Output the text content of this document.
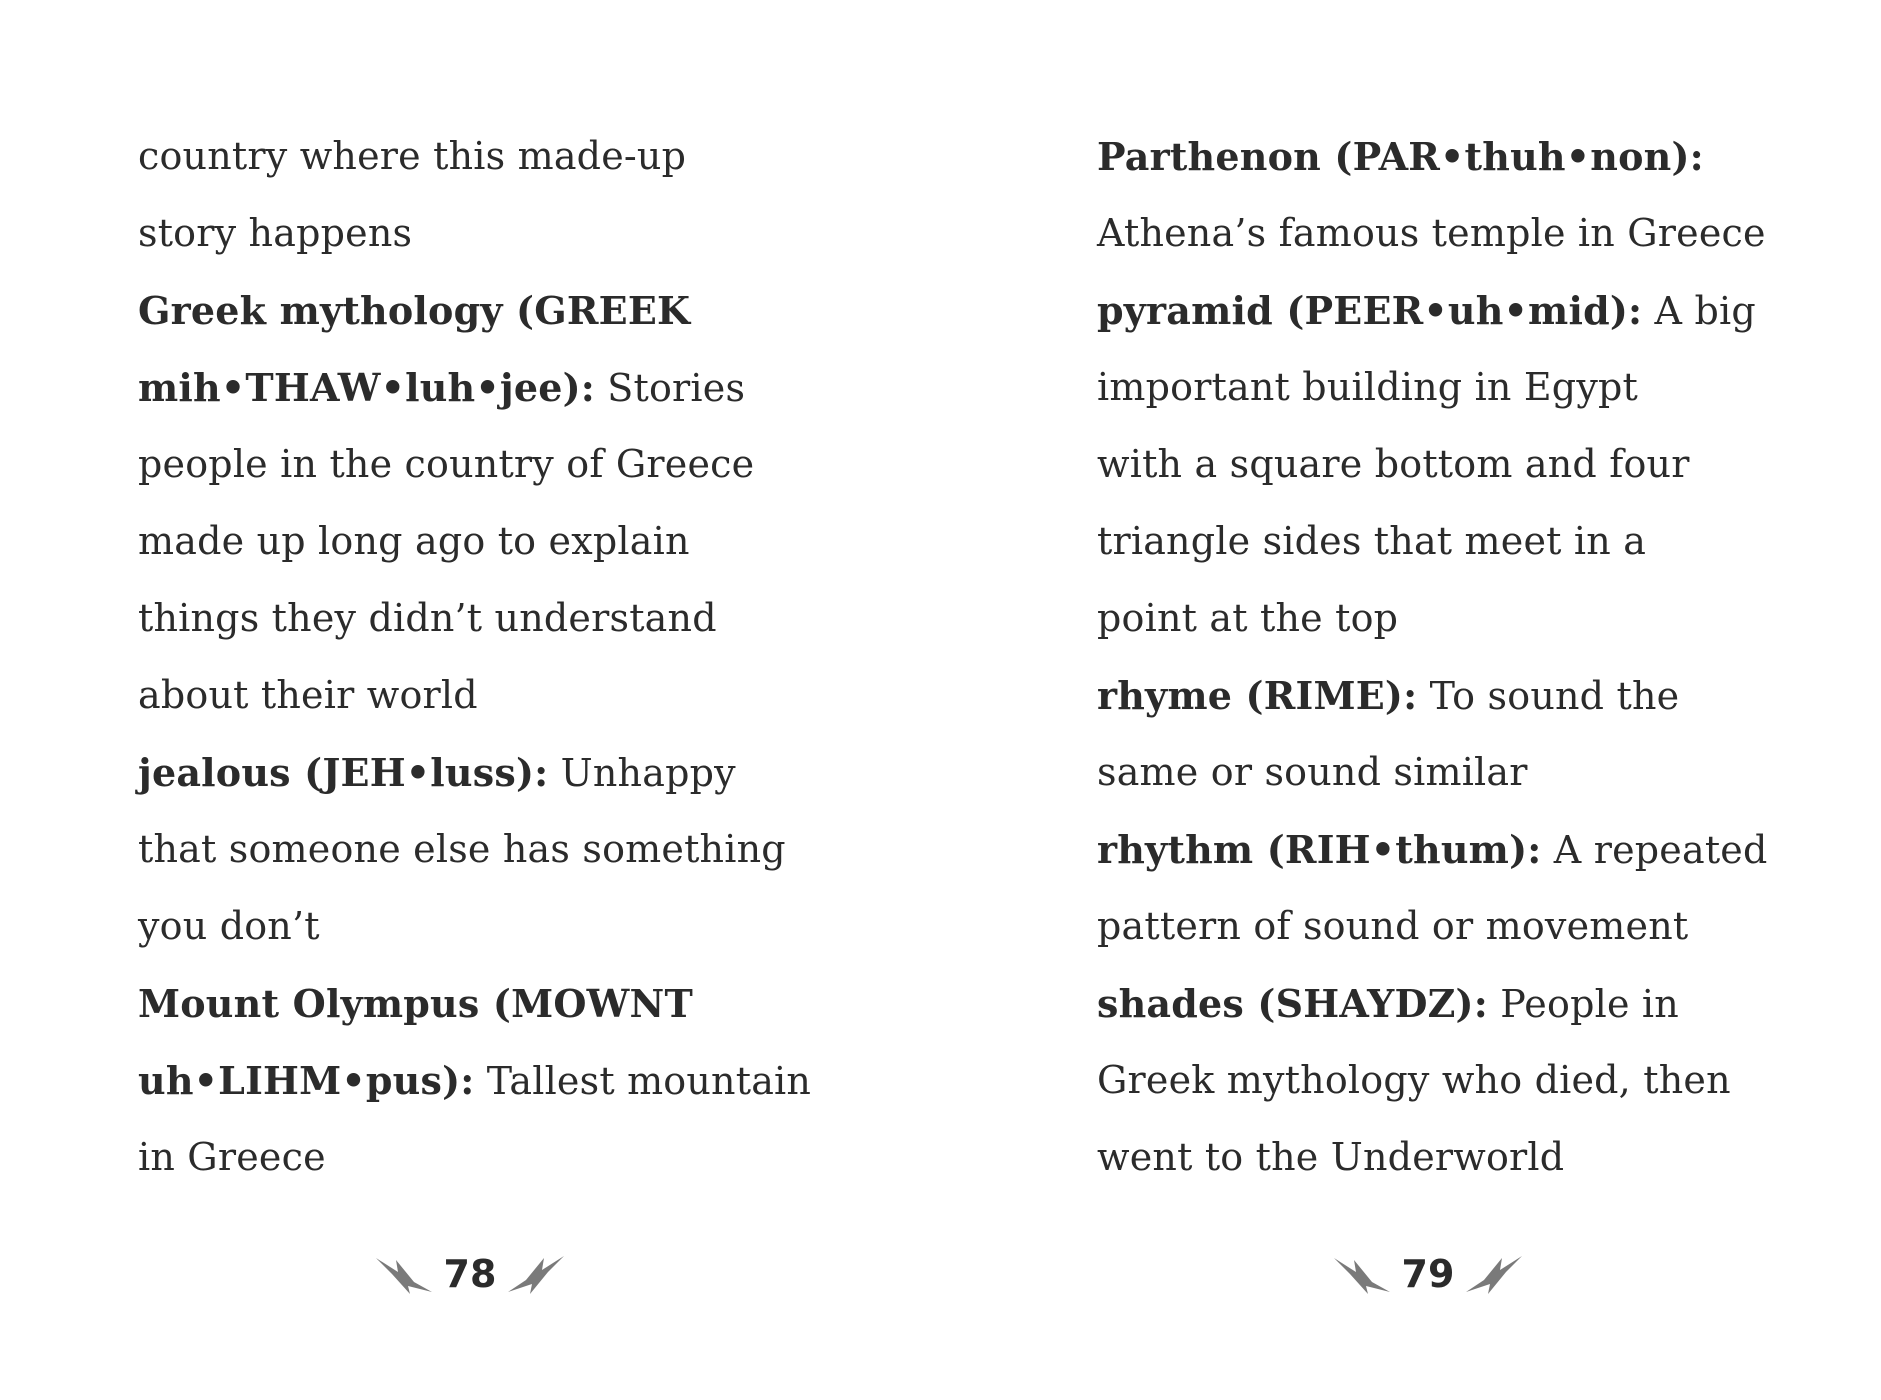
country where this made-up
story happens
Greek mythology (GREEK
mih•THAW•luh•jee): Stories
people in the country of Greece
made up long ago to explain
things they didn’t understand
about their world
jealous (JEH•luss): Unhappy
that someone else has something
you don’t
Mount Olympus (MOWNT
uh•LIHM•pus): Tallest mountain
in Greece
Parthenon (PAR•thuh•non):
Athena’s famous temple in Greece
pyramid (PEER•uh•mid): A big
important building in Egypt
with a square bottom and four
triangle sides that meet in a
point at the top
rhyme (RIME): To sound the
same or sound similar
rhythm (RIH•thum): A repeated
pattern of sound or movement
shades (SHAYDZ): People in
Greek mythology who died, then
went to the Underworld
78	79
